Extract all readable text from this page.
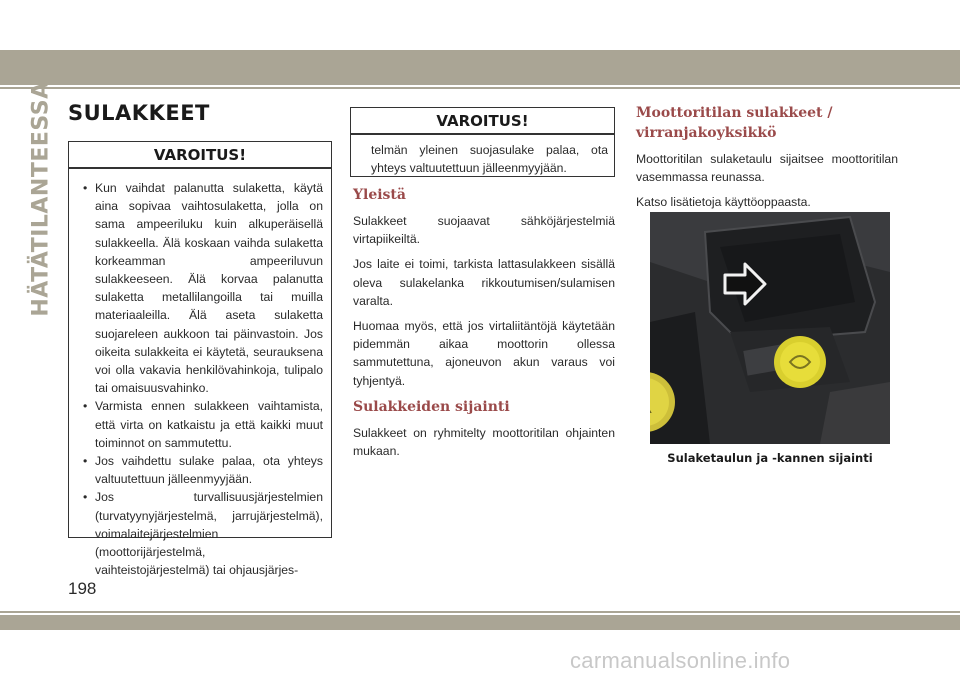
HÄTÄTILANTEESSA SULAKKEET
VAROITUS!
• Kun vaihdat palanutta sulaketta, käytä aina sopivaa vaihtosulaketta, jolla on sama ampeeriluku kuin alkuperäisellä sulakkeella. Älä koskaan vaihda sulaketta korkeamman ampeeriluvun sulakkeeseen. Älä korvaa palanutta sulaketta metallilangoilla tai muilla materiaaleilla. Älä aseta sulaketta suojareleen aukkoon tai päinvastoin. Jos oikeita sulakkeita ei käytetä, seurauksena voi olla vakavia henkilövahinkoja, tulipalo tai omaisuusvahinko.
• Varmista ennen sulakkeen vaihtamista, että virta on katkaistu ja että kaikki muut toiminnot on sammutettu.
• Jos vaihdettu sulake palaa, ota yhteys valtuutettuun jälleenmyyjään.
• Jos turvallisuusjärjestelmien (turvatyynyjärjestelmä, jarrujärjestelmä), voimalaitejärjestelmien (moottorijärjestelmä, vaihteistojärjestelmä) tai ohjausjärjes-
VAROITUS!

telmän yleinen suojasulake palaa, ota yhteys valtuutettuun jälleenmyyjään.

Yleistä

Sulakkeet suojaavat sähköjärjestelmiä virtapiikeiltä.

Jos laite ei toimi, tarkista lattasulakkeen sisällä oleva sulakelanka rikkoutumisen/sulamisen varalta.

Huomaa myös, että jos virtaliitäntöjä käytetään pidemmän aikaa moottorin ollessa sammutettuna, ajoneuvon akun varaus voi tyhjentyä.

Sulakkeiden sijainti

Sulakkeet on ryhmitelty moottoritilan ohjainten mukaan.

Moottoritilan sulakkeet / virranjakoyksikkö

Moottoritilan sulaketaulu sijaitsee moottoritilan vasemmassa reunassa.

Katso lisätietoja käyttöoppaasta.

Sulaketaulun ja -kannen sijainti
198
carmanualsonline.info
